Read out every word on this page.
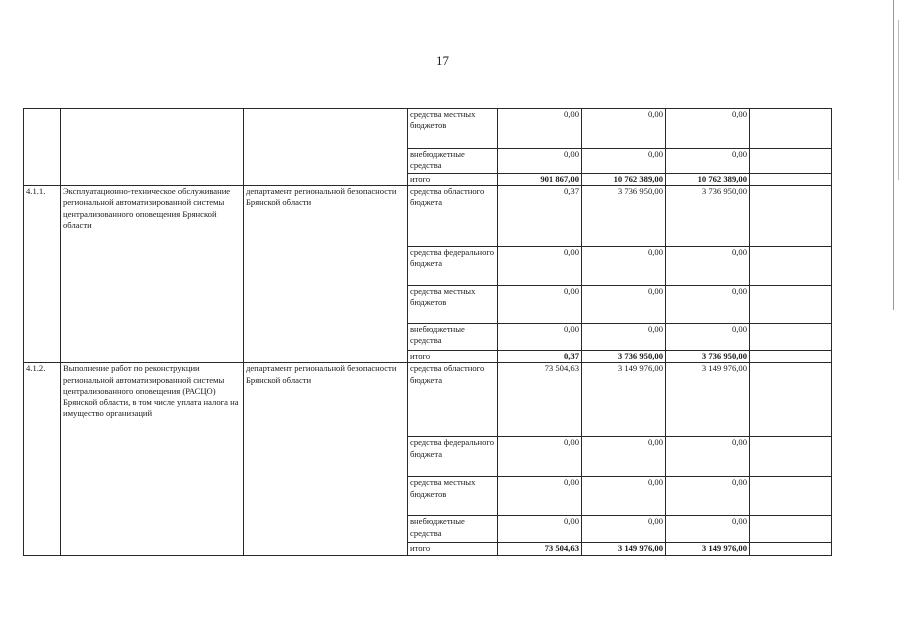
17
			средства местных бюджетов	0,00	0,00	0,00	
			внебюджетные средства	0,00	0,00	0,00	
			итого	901 867,00	10 762 389,00	10 762 389,00	
4.1.1.	Эксплуатационно-техническое обслуживание региональной автоматизированной системы централизованного оповещения Брянской области	департамент региональной безопасности Брянской области	средства областного бюджета	0,37	3 736 950,00	3 736 950,00	
			средства федерального бюджета	0,00	0,00	0,00	
			средства местных бюджетов	0,00	0,00	0,00	
			внебюджетные средства	0,00	0,00	0,00	
			итого	0,37	3 736 950,00	3 736 950,00	
4.1.2.	Выполнение работ по реконструкции региональной автоматизированной системы централизованного оповещения (РАСЦО) Брянской области, в том числе уплата налога на имущество организаций	департамент региональной безопасности Брянской области	средства областного бюджета	73 504,63	3 149 976,00	3 149 976,00	
			средства федерального бюджета	0,00	0,00	0,00	
			средства местных бюджетов	0,00	0,00	0,00	
			внебюджетные средства	0,00	0,00	0,00	
			итого	73 504,63	3 149 976,00	3 149 976,00	
